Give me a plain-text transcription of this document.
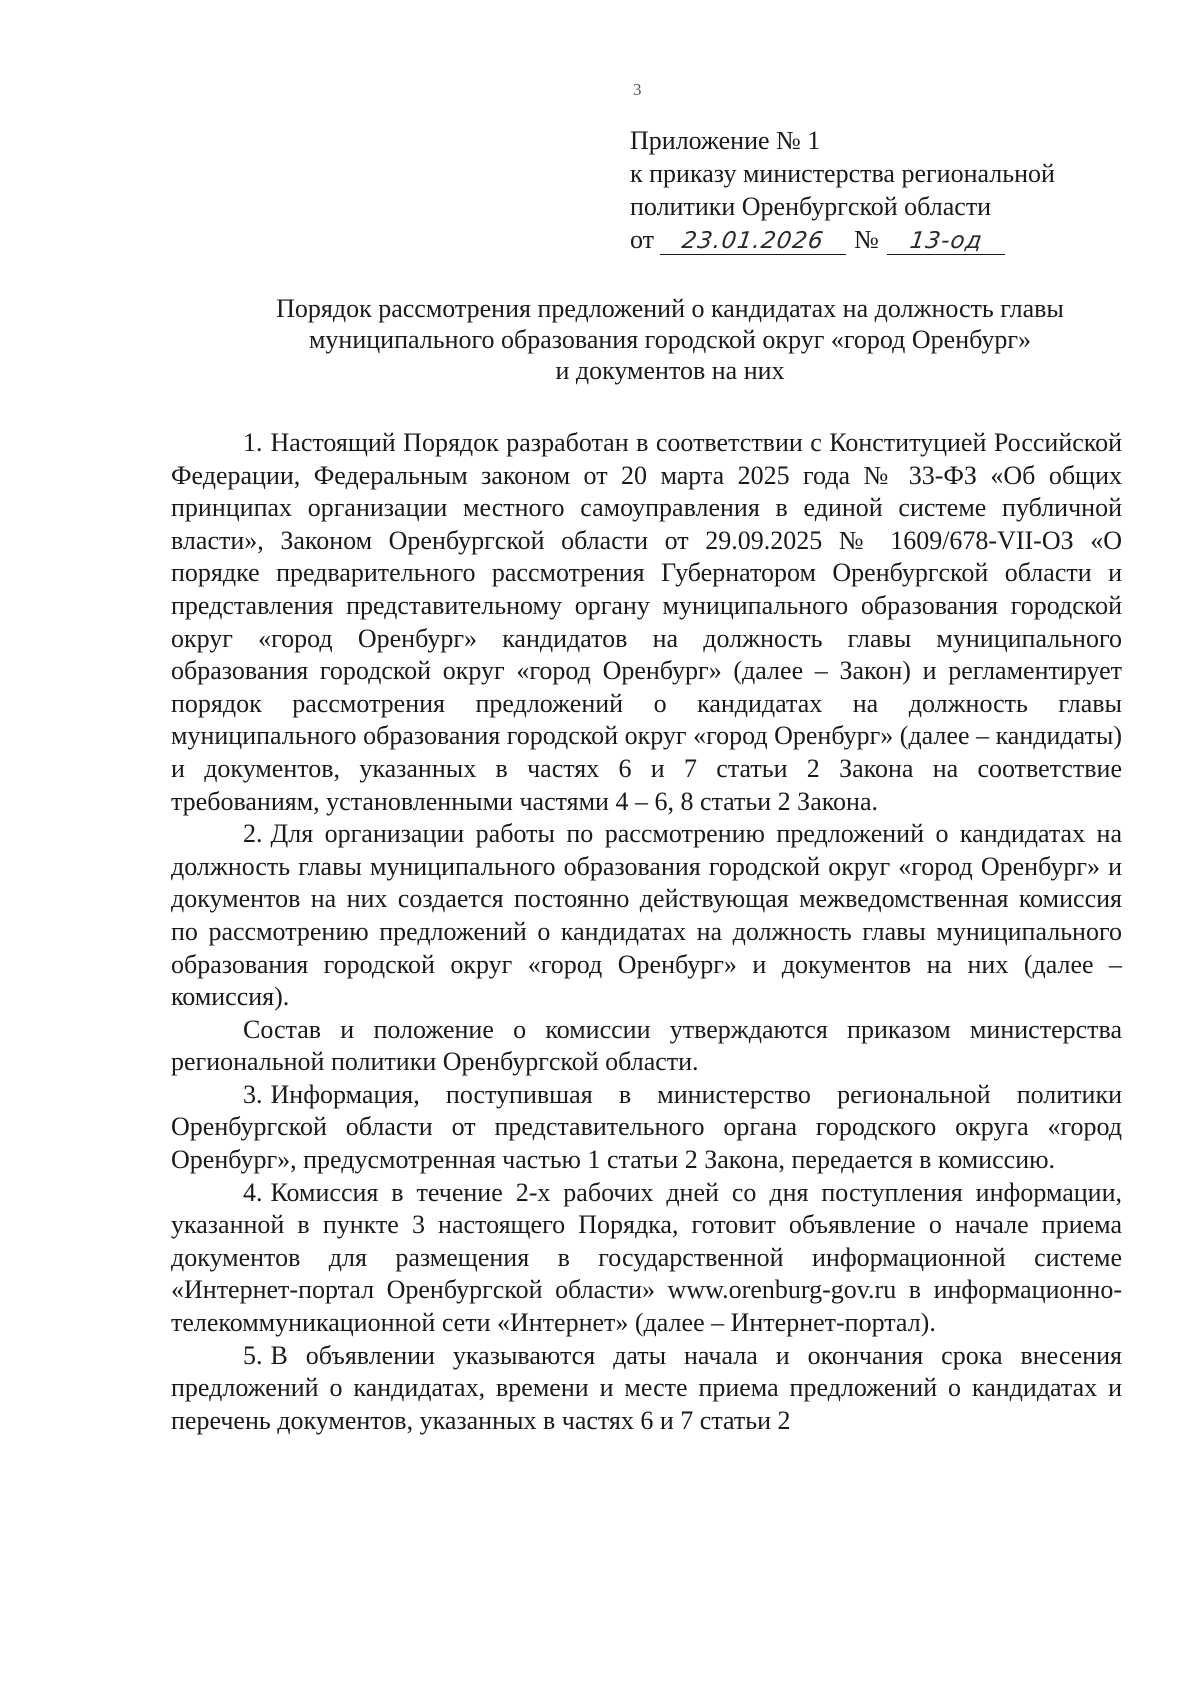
3
Приложение № 1
к приказу министерства региональной
политики Оренбургской области
от 23.01.2026 № 13-од
Порядок рассмотрения предложений о кандидатах на должность главы
муниципального образования городской округ «город Оренбург»
и документов на них

1. Настоящий Порядок разработан в соответствии с Конституцией Российской Федерации, Федеральным законом от 20 марта 2025 года № 33-ФЗ «Об общих принципах организации местного самоуправления в единой системе публичной власти», Законом Оренбургской области от 29.09.2025 № 1609/678-VII-ОЗ «О порядке предварительного рассмотрения Губернатором Оренбургской области и представления представительному органу муниципального образования городской округ «город Оренбург» кандидатов на должность главы муниципального образования городской округ «город Оренбург» (далее – Закон) и регламентирует порядок рассмотрения предложений о кандидатах на должность главы муниципального образования городской округ «город Оренбург» (далее – кандидаты) и документов, указанных в частях 6 и 7 статьи 2 Закона на соответствие требованиям, установленными частями 4 – 6, 8 статьи 2 Закона.

2. Для организации работы по рассмотрению предложений о кандидатах на должность главы муниципального образования городской округ «город Оренбург» и документов на них создается постоянно действующая межведомственная комиссия по рассмотрению предложений о кандидатах на должность главы муниципального образования городской округ «город Оренбург» и документов на них (далее – комиссия).

Состав и положение о комиссии утверждаются приказом министерства региональной политики Оренбургской области.

3. Информация, поступившая в министерство региональной политики Оренбургской области от представительного органа городского округа «город Оренбург», предусмотренная частью 1 статьи 2 Закона, передается в комиссию.

4. Комиссия в течение 2-х рабочих дней со дня поступления информации, указанной в пункте 3 настоящего Порядка, готовит объявление о начале приема документов для размещения в государственной информационной системе «Интернет-портал Оренбургской области» www.orenburg-gov.ru в информационно-телекоммуникационной сети «Интернет» (далее – Интернет-портал).

5. В объявлении указываются даты начала и окончания срока внесения предложений о кандидатах, времени и месте приема предложений о кандидатах и перечень документов, указанных в частях 6 и 7 статьи 2
